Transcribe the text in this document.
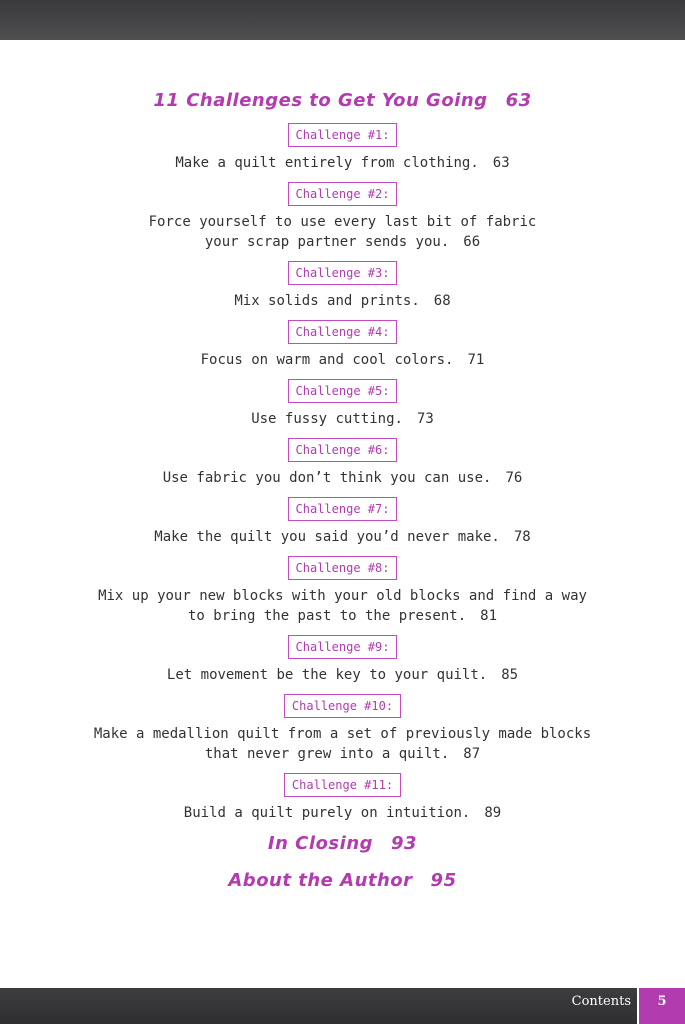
11 Challenges to Get You Going 63

Challenge #1:
Make a quilt entirely from clothing. 63
Challenge #2:
Force yourself to use every last bit of fabric
your scrap partner sends you. 66
Challenge #3:
Mix solids and prints. 68
Challenge #4:
Focus on warm and cool colors. 71
Challenge #5:
Use fussy cutting. 73
Challenge #6:
Use fabric you don’t think you can use. 76
Challenge #7:
Make the quilt you said you’d never make. 78
Challenge #8:
Mix up your new blocks with your old blocks and find a way
to bring the past to the present. 81
Challenge #9:
Let movement be the key to your quilt. 85
Challenge #10:
Make a medallion quilt from a set of previously made blocks
that never grew into a quilt. 87
Challenge #11:
Build a quilt purely on intuition. 89

In Closing 93

About the Author 95

Contents	5
